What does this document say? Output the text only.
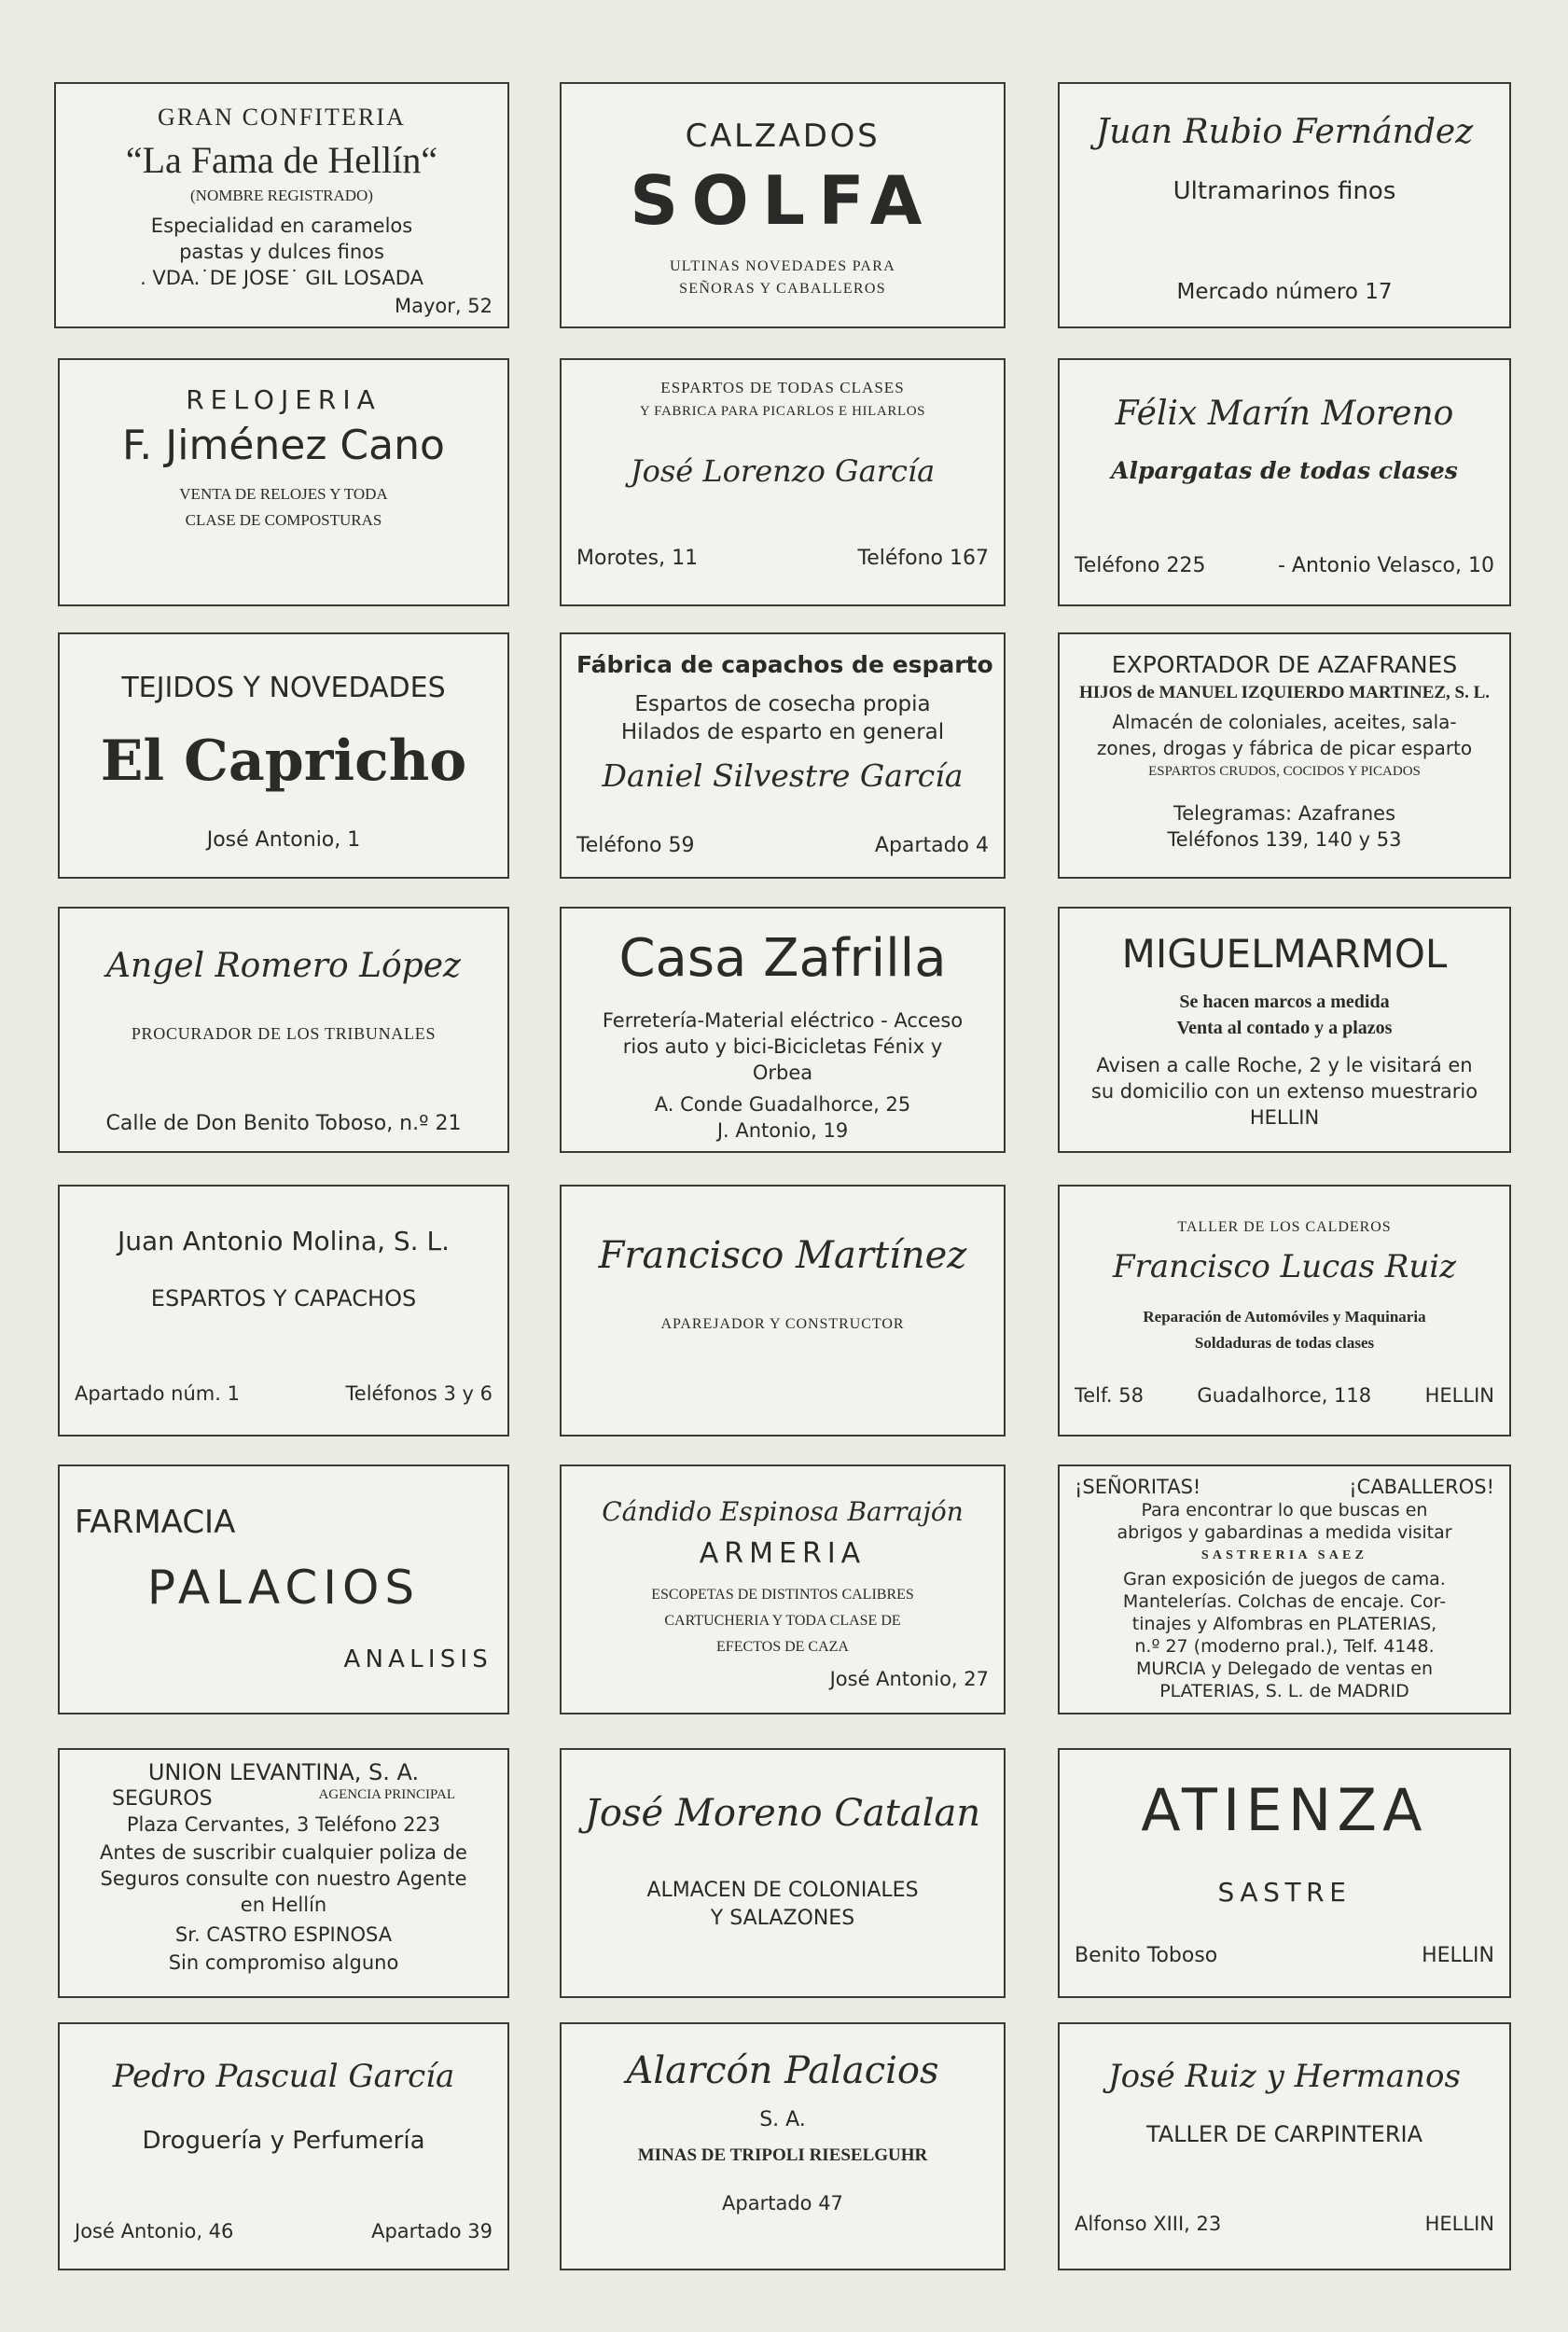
GRAN CONFITERIA
“La Fama de Hellín“
(NOMBRE REGISTRADO)
Especialidad en caramelos
pastas y dulces finos
. VDA.˙DE JOSE˙ GIL LOSADA
Mayor, 52
CALZADOS
SOLFA
ULTINAS NOVEDADES PARA
SEÑORAS Y CABALLEROS
Juan Rubio Fernández
Ultramarinos finos
Mercado número 17
RELOJERIA
F. Jiménez Cano
VENTA DE RELOJES Y TODA
CLASE DE COMPOSTURAS
ESPARTOS DE TODAS CLASES
Y FABRICA PARA PICARLOS E HILARLOS
José Lorenzo García
Morotes, 11	Teléfono 167
Félix Marín Moreno
Alpargatas de todas clases
Teléfono 225	- Antonio Velasco, 10
TEJIDOS Y NOVEDADES
El Capricho
José Antonio, 1
Fábrica de capachos de esparto
Espartos de cosecha propia
Hilados de esparto en general
Daniel Silvestre García
Teléfono 59	Apartado 4
EXPORTADOR DE AZAFRANES
HIJOS de MANUEL IZQUIERDO MARTINEZ, S. L.
Almacén de coloniales, aceites, sala-
zones, drogas y fábrica de picar esparto
ESPARTOS CRUDOS, COCIDOS Y PICADOS
Telegramas: Azafranes
Teléfonos 139, 140 y 53
Angel Romero López
PROCURADOR DE LOS TRIBUNALES
Calle de Don Benito Toboso, n.º 21
Casa Zafrilla
Ferretería-Material eléctrico - Acceso
rios auto y bici-Bicicletas Fénix y
Orbea
A. Conde Guadalhorce, 25
J. Antonio, 19
MIGUELMARMOL
Se hacen marcos a medida
Venta al contado y a plazos
Avisen a calle Roche, 2 y le visitará en
su domicilio con un extenso muestrario
HELLIN
Juan Antonio Molina, S. L.
ESPARTOS Y CAPACHOS
Apartado núm. 1	Teléfonos 3 y 6
Francisco Martínez
APAREJADOR Y CONSTRUCTOR
TALLER DE LOS CALDEROS
Francisco Lucas Ruiz
Reparación de Automóviles y Maquinaria
Soldaduras de todas clases
Telf. 58	Guadalhorce, 118	HELLIN
FARMACIA
PALACIOS
ANALISIS
Cándido Espinosa Barrajón
ARMERIA
ESCOPETAS DE DISTINTOS CALIBRES
CARTUCHERIA Y TODA CLASE DE
EFECTOS DE CAZA
José Antonio, 27
¡SEÑORITAS!	¡CABALLEROS!
Para encontrar lo que buscas en
abrigos y gabardinas a medida visitar
SASTRERIA SAEZ
Gran exposición de juegos de cama.
Mantelerías. Colchas de encaje. Cor-
tinajes y Alfombras en PLATERIAS,
n.º 27 (moderno pral.), Telf. 4148.
MURCIA y Delegado de ventas en
PLATERIAS, S. L. de MADRID
UNION LEVANTINA, S. A.
SEGUROS	AGENCIA PRINCIPAL
Plaza Cervantes, 3 Teléfono 223
Antes de suscribir cualquier poliza de
Seguros consulte con nuestro Agente
en Hellín
Sr. CASTRO ESPINOSA
Sin compromiso alguno
José Moreno Catalan
ALMACEN DE COLONIALES
Y SALAZONES
ATIENZA
SASTRE
Benito Toboso	HELLIN
Pedro Pascual García
Droguería y Perfumería
José Antonio, 46	Apartado 39
Alarcón Palacios
S. A.
MINAS DE TRIPOLI RIESELGUHR
Apartado 47
José Ruiz y Hermanos
TALLER DE CARPINTERIA
Alfonso XIII, 23	HELLIN
